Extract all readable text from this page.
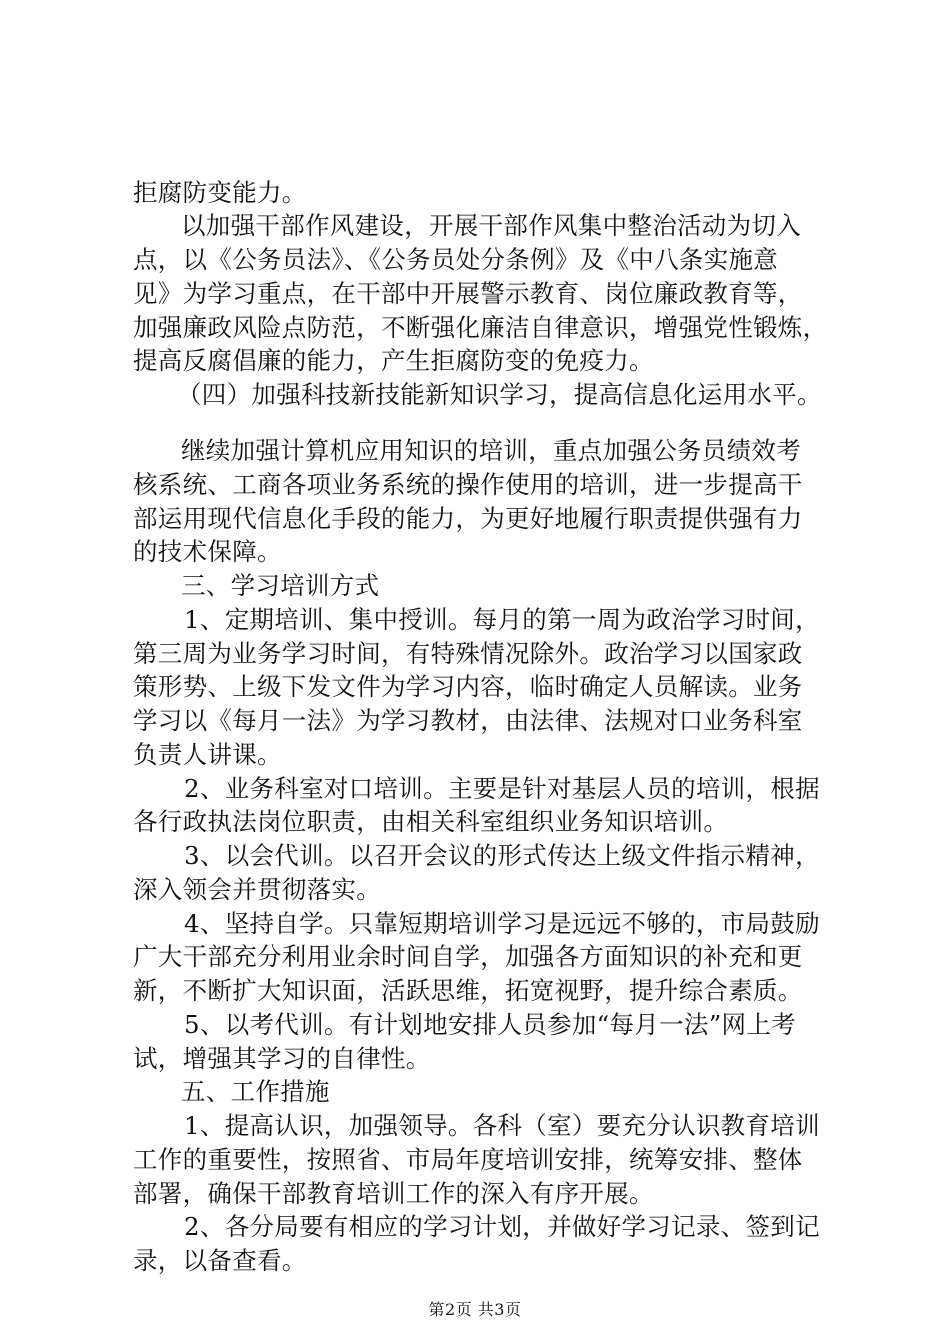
拒腐防变能力。
以加强干部作风建设，开展干部作风集中整治活动为切入
点，以《公务员法》、《公务员处分条例》及《中八条实施意
见》为学习重点，在干部中开展警示教育、岗位廉政教育等，
加强廉政风险点防范，不断强化廉洁自律意识，增强党性锻炼，
提高反腐倡廉的能力，产生拒腐防变的免疫力。
（四）加强科技新技能新知识学习，提高信息化运用水平。
继续加强计算机应用知识的培训，重点加强公务员绩效考
核系统、工商各项业务系统的操作使用的培训，进一步提高干
部运用现代信息化手段的能力，为更好地履行职责提供强有力
的技术保障。
三、学习培训方式
1、定期培训、集中授训。每月的第一周为政治学习时间，
第三周为业务学习时间，有特殊情况除外。政治学习以国家政
策形势、上级下发文件为学习内容，临时确定人员解读。业务
学习以《每月一法》为学习教材，由法律、法规对口业务科室
负责人讲课。
2、业务科室对口培训。主要是针对基层人员的培训，根据
各行政执法岗位职责，由相关科室组织业务知识培训。
3、以会代训。以召开会议的形式传达上级文件指示精神，
深入领会并贯彻落实。
4、坚持自学。只靠短期培训学习是远远不够的，市局鼓励
广大干部充分利用业余时间自学，加强各方面知识的补充和更
新，不断扩大知识面，活跃思维，拓宽视野，提升综合素质。
5、以考代训。有计划地安排人员参加“每月一法”网上考
试，增强其学习的自律性。
五、工作措施
1、提高认识，加强领导。各科（室）要充分认识教育培训
工作的重要性，按照省、市局年度培训安排，统筹安排、整体
部署，确保干部教育培训工作的深入有序开展。
2、各分局要有相应的学习计划，并做好学习记录、签到记
录，以备查看。
第2页 共3页
